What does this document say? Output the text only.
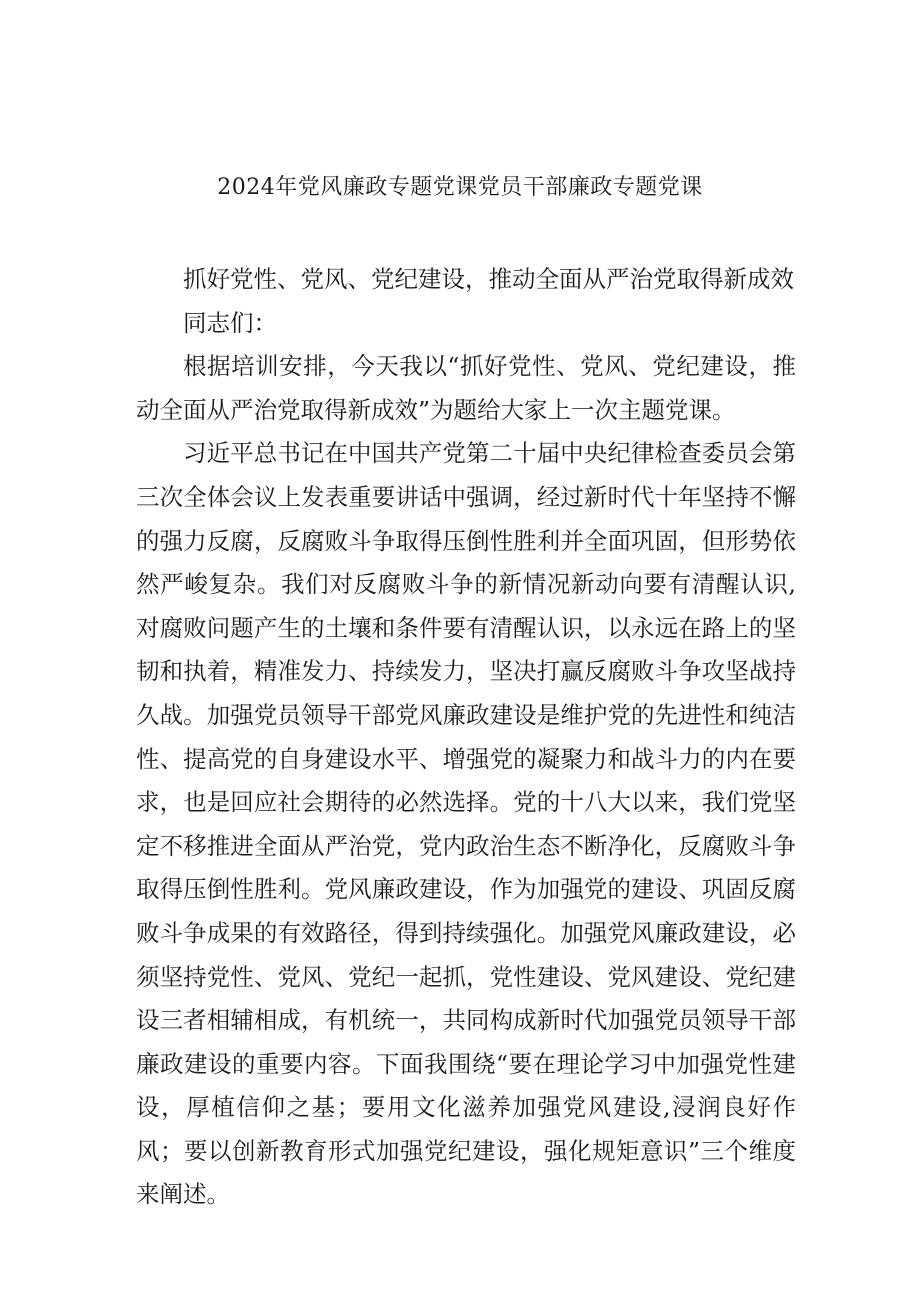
2024年党风廉政专题党课党员干部廉政专题党课

抓好党性、党风、党纪建设，推动全面从严治党取得新成效

同志们：

根据培训安排，今天我以“抓好党性、党风、党纪建设，推动全面从严治党取得新成效”为题给大家上一次主题党课。

习近平总书记在中国共产党第二十届中央纪律检查委员会第三次全体会议上发表重要讲话中强调，经过新时代十年坚持不懈的强力反腐，反腐败斗争取得压倒性胜利并全面巩固，但形势依然严峻复杂。我们对反腐败斗争的新情况新动向要有清醒认识,对腐败问题产生的土壤和条件要有清醒认识，以永远在路上的坚韧和执着，精准发力、持续发力，坚决打赢反腐败斗争攻坚战持久战。加强党员领导干部党风廉政建设是维护党的先进性和纯洁性、提高党的自身建设水平、增强党的凝聚力和战斗力的内在要求，也是回应社会期待的必然选择。党的十八大以来，我们党坚定不移推进全面从严治党，党内政治生态不断净化，反腐败斗争取得压倒性胜利。党风廉政建设，作为加强党的建设、巩固反腐败斗争成果的有效路径，得到持续强化。加强党风廉政建设，必须坚持党性、党风、党纪一起抓，党性建设、党风建设、党纪建设三者相辅相成，有机统一，共同构成新时代加强党员领导干部廉政建设的重要内容。下面我围绕“要在理论学习中加强党性建设，厚植信仰之基；要用文化滋养加强党风建设,浸润良好作风；要以创新教育形式加强党纪建设，强化规矩意识”三个维度来阐述。
